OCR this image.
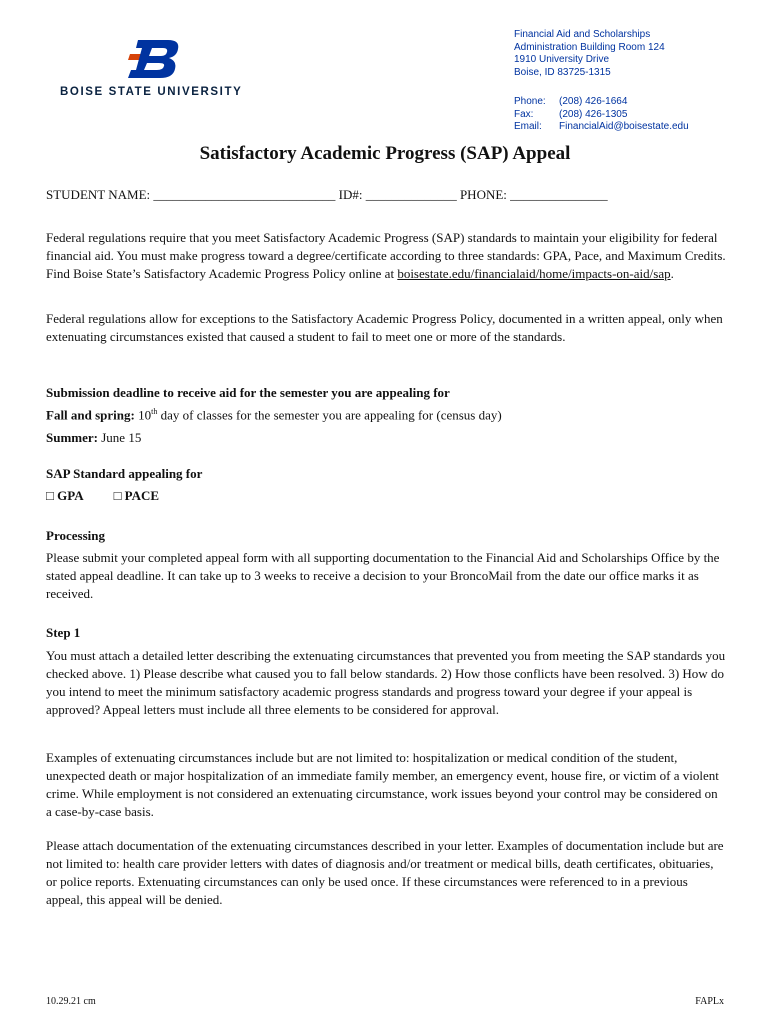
BOISE STATE UNIVERSITY
Financial Aid and Scholarships
Administration Building Room 124
1910 University Drive
Boise, ID 83725-1315
Phone:	(208) 426-1664
Fax:	(208) 426-1305
Email:	FinancialAid@boisestate.edu
Satisfactory Academic Progress (SAP) Appeal
STUDENT NAME: ____________________________ ID#: ______________ PHONE: _______________
Federal regulations require that you meet Satisfactory Academic Progress (SAP) standards to maintain your eligibility for federal financial aid. You must make progress toward a degree/certificate according to three standards: GPA, Pace, and Maximum Credits. Find Boise State’s Satisfactory Academic Progress Policy online at boisestate.edu/financialaid/home/impacts-on-aid/sap.
Federal regulations allow for exceptions to the Satisfactory Academic Progress Policy, documented in a written appeal, only when extenuating circumstances existed that caused a student to fail to meet one or more of the standards.
Submission deadline to receive aid for the semester you are appealing for
Fall and spring: 10th day of classes for the semester you are appealing for (census day)
Summer: June 15
SAP Standard appealing for
□ GPA □ PACE
Processing
Please submit your completed appeal form with all supporting documentation to the Financial Aid and Scholarships Office by the stated appeal deadline. It can take up to 3 weeks to receive a decision to your BroncoMail from the date our office marks it as received.
Step 1
You must attach a detailed letter describing the extenuating circumstances that prevented you from meeting the SAP standards you checked above. 1) Please describe what caused you to fall below standards. 2) How those conflicts have been resolved. 3) How do you intend to meet the minimum satisfactory academic progress standards and progress toward your degree if your appeal is approved? Appeal letters must include all three elements to be considered for approval.
Examples of extenuating circumstances include but are not limited to: hospitalization or medical condition of the student, unexpected death or major hospitalization of an immediate family member, an emergency event, house fire, or victim of a violent crime. While employment is not considered an extenuating circumstance, work issues beyond your control may be considered on a case-by-case basis.
Please attach documentation of the extenuating circumstances described in your letter. Examples of documentation include but are not limited to: health care provider letters with dates of diagnosis and/or treatment or medical bills, death certificates, obituaries, or police reports. Extenuating circumstances can only be used once. If these circumstances were referenced to in a previous appeal, this appeal will be denied.
10.29.21 cm	FAPLx
